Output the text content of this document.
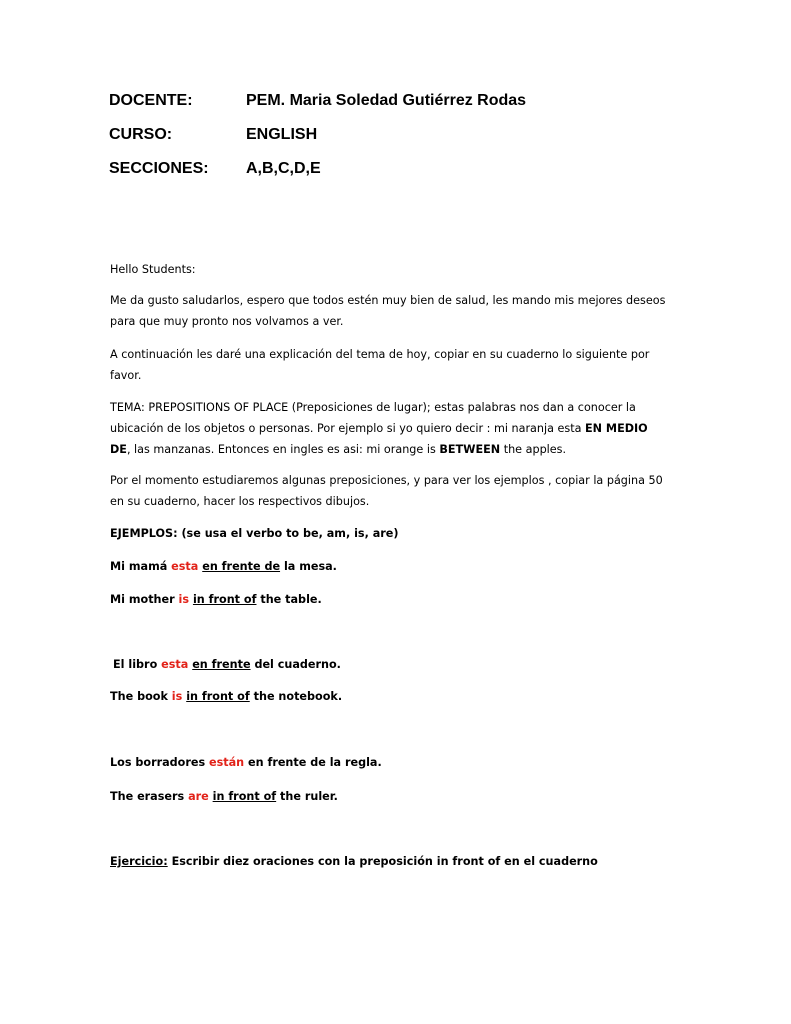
DOCENTE:	PEM. Maria Soledad Gutiérrez Rodas
CURSO:	ENGLISH
SECCIONES: A,B,C,D,E
Hello Students:
Me da gusto saludarlos, espero que todos estén muy bien de salud, les mando mis mejores deseos
para que muy pronto nos volvamos a ver.
A continuación les daré una explicación del tema de hoy, copiar en su cuaderno lo siguiente por
favor.
TEMA: PREPOSITIONS OF PLACE (Preposiciones de lugar); estas palabras nos dan a conocer la
ubicación de los objetos o personas. Por ejemplo si yo quiero decir : mi naranja esta EN MEDIO
DE, las manzanas. Entonces en ingles es asi: mi orange is BETWEEN the apples.
Por el momento estudiaremos algunas preposiciones, y para ver los ejemplos , copiar la página 50
en su cuaderno, hacer los respectivos dibujos.
EJEMPLOS: (se usa el verbo to be, am, is, are)
Mi mamá esta en frente de la mesa.
Mi mother is in front of the table.
El libro esta en frente del cuaderno.
The book is in front of the notebook.
Los borradores están en frente de la regla.
The erasers are in front of the ruler.
Ejercicio: Escribir diez oraciones con la preposición in front of en el cuaderno
